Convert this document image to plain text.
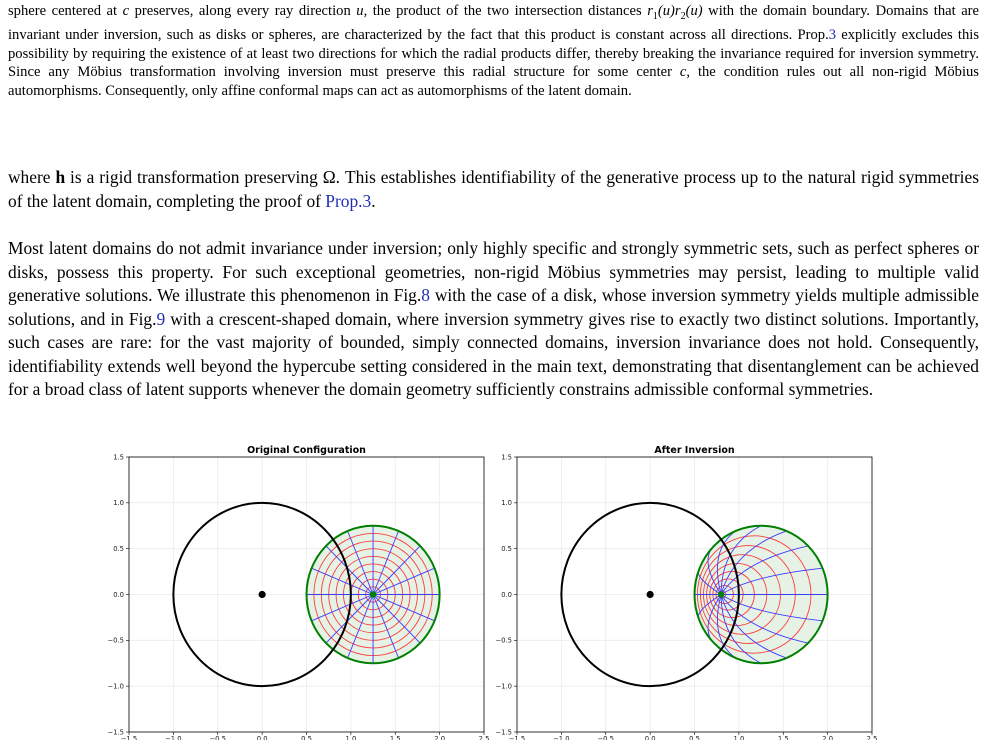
sphere centered at c preserves, along every ray direction u, the product of the two intersection distances $r_1(u)r_2(u)$ with the domain boundary. Domains that are invariant under inversion, such as disks or spheres, are characterized by the fact that this product is constant across all directions. Prop.3 explicitly excludes this possibility by requiring the existence of at least two directions for which the radial products differ, thereby breaking the invariance required for inversion symmetry. Since any Möbius transformation involving inversion must preserve this radial structure for some center c, the condition rules out all non-rigid Möbius automorphisms. Consequently, only affine conformal maps can act as automorphisms of the latent domain.

where h is a rigid transformation preserving Ω. This establishes identifiability of the generative process up to the natural rigid symmetries of the latent domain, completing the proof of Prop.3.

Most latent domains do not admit invariance under inversion; only highly specific and strongly symmetric sets, such as perfect spheres or disks, possess this property. For such exceptional geometries, non-rigid Möbius symmetries may persist, leading to multiple valid generative solutions. We illustrate this phenomenon in Fig.8 with the case of a disk, whose inversion symmetry yields multiple admissible solutions, and in Fig.9 with a crescent-shaped domain, where inversion symmetry gives rise to exactly two distinct solutions. Importantly, such cases are rare: for the vast majority of bounded, simply connected domains, inversion invariance does not hold. Consequently, identifiability extends well beyond the hypercube setting considered in the main text, demonstrating that disentanglement can be achieved for a broad class of latent supports whenever the domain geometry sufficiently constrains admissible conformal symmetries.

−1.5	−1.0	−0.5	0.0	0.5	1.0	1.5	2.0	2.5
1.5
1.0
0.5
0.0
−0.5
−1.0
−1.5
Original Configuration
−1.5	−1.0	−0.5	0.0	0.5	1.0	1.5	2.0	2.5
1.5
1.0
0.5
0.0
−0.5
−1.0
−1.5
After Inversion
